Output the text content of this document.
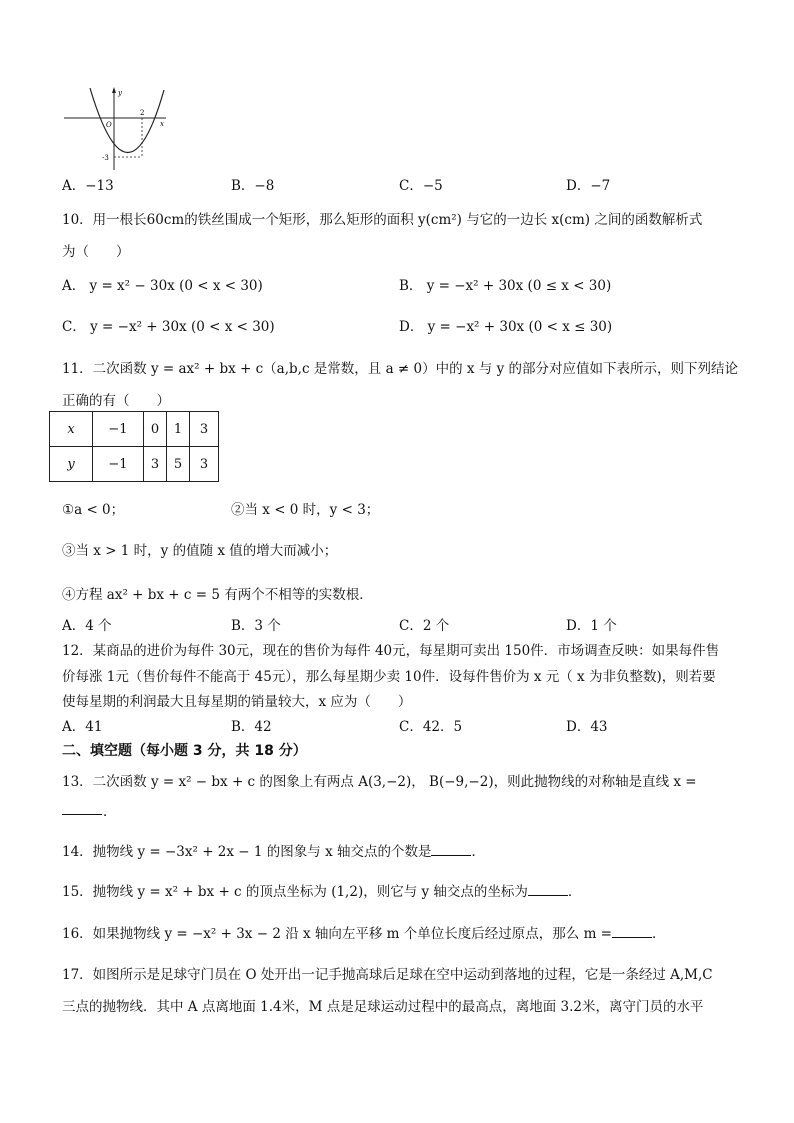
y
x
O
2
-3
A．−13	B．−8	C．−5	D．−7
10．用一根长60cm的铁丝围成一个矩形，那么矩形的面积 y(cm²) 与它的一边长 x(cm) 之间的函数解析式
为（　　）
A． y = x² − 30x (0 < x < 30)	B． y = −x² + 30x (0 ≤ x < 30)
C． y = −x² + 30x (0 < x < 30)	D． y = −x² + 30x (0 < x ≤ 30)
11．二次函数 y = ax² + bx + c（a,b,c 是常数，且 a ≠ 0）中的 x 与 y 的部分对应值如下表所示，则下列结论
正确的有（　　）
x	−1	0	1	3
y	−1	3	5	3
①a < 0；	②当 x < 0 时，y < 3；
③当 x > 1 时，y 的值随 x 值的增大而减小；
④方程 ax² + bx + c = 5 有两个不相等的实数根．
A．4 个	B．3 个	C．2 个	D．1 个
12．某商品的进价为每件 30元，现在的售价为每件 40元，每星期可卖出 150件．市场调查反映：如果每件售
价每涨 1元（售价每件不能高于 45元），那么每星期少卖 10件．设每件售价为 x 元（ x 为非负整数)，则若要
使每星期的利润最大且每星期的销量较大，x 应为（　　）
A．41	B．42	C．42．5	D．43
二、填空题（每小题 3 分，共 18 分）
13．二次函数 y = x² − bx + c 的图象上有两点 A(3,−2)， B(−9,−2)，则此抛物线的对称轴是直线 x =
．
14．抛物线 y = −3x² + 2x − 1 的图象与 x 轴交点的个数是	．
15．抛物线 y = x² + bx + c 的顶点坐标为 (1,2)，则它与 y 轴交点的坐标为	．
16．如果抛物线 y = −x² + 3x − 2 沿 x 轴向左平移 m 个单位长度后经过原点，那么 m =	．
17．如图所示是足球守门员在 O 处开出一记手抛高球后足球在空中运动到落地的过程，它是一条经过 A,M,C
三点的抛物线．其中 A 点离地面 1.4米，M 点是足球运动过程中的最高点，离地面 3.2米，离守门员的水平
